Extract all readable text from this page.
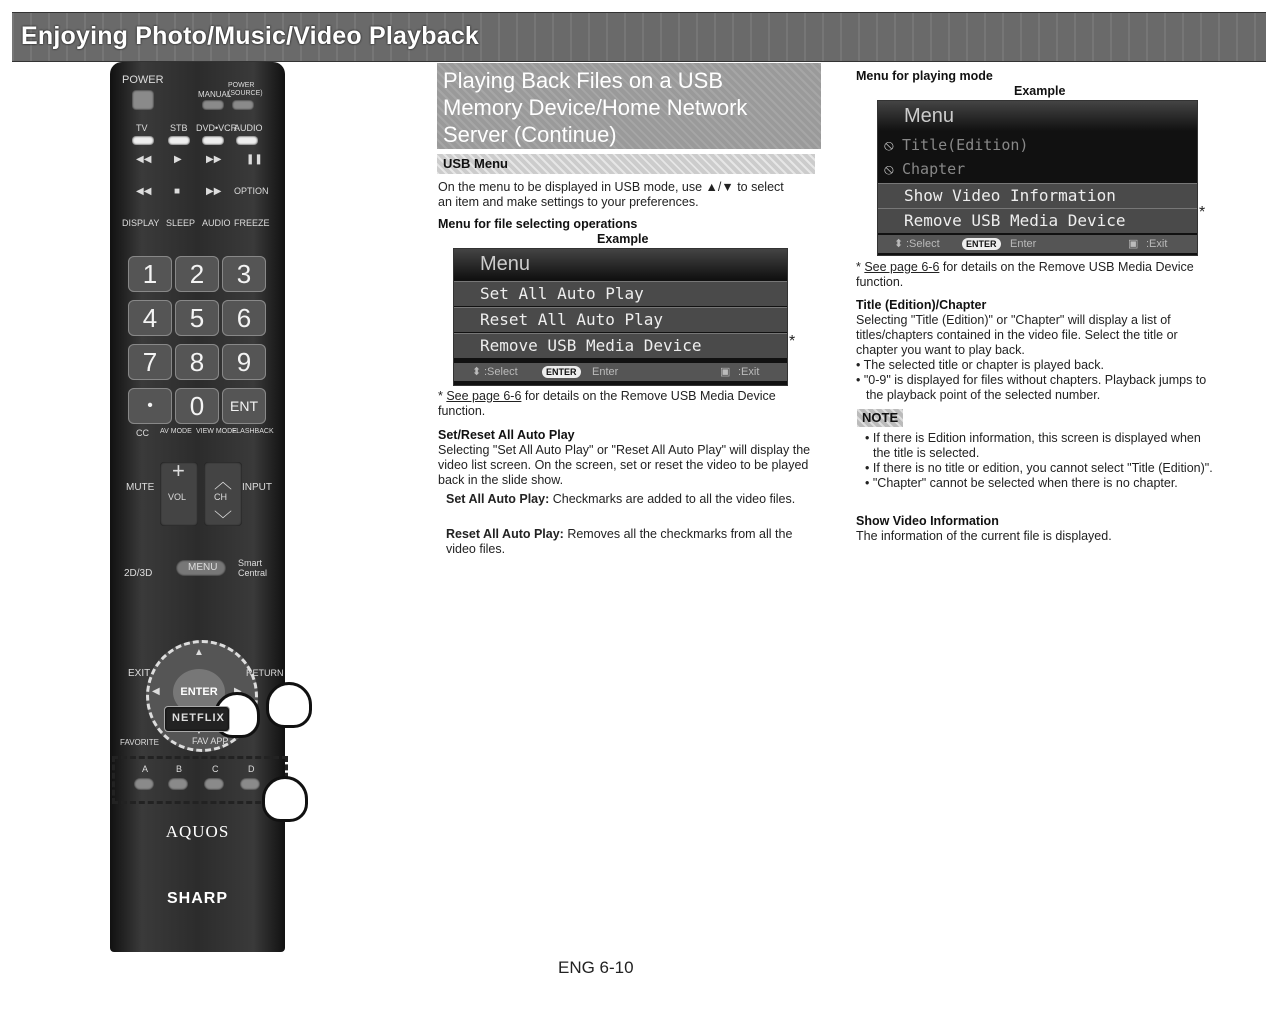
Enjoying Photo/Music/Video Playback
POWER
MANUAL
POWER (SOURCE)
TV STB DVD•VCR
AUDIO
◀◀ ▶ ▶▶ ❚❚
◀◀ ■	▶▶ OPTION
DISPLAY SLEEP AUDIO FREEZE
1	2	3
4	5	6
7	8	9
•	0	ENT
CC AV MODE VIEW MODE
FLASHBACK
MUTE
+
VOL
︿
CH
﹀
INPUT
2D/3D
MENU Smart Central
▲
◀	ENTER
EXIT	RETURN
NETFLIX
FAVORITE	FAV APP
A	B	C	D
AQUOS
SHARP
Playing Back Files on a USB Memory Device/Home Network Server (Continue)
USB Menu
On the menu to be displayed in USB mode, use ▲/▼ to select an item and make settings to your preferences.
Menu for file selecting operations
Example
Menu
Set All Auto Play
Reset All Auto Play
Remove USB Media Device
⬍ :Select	ENTER	Enter	▣ :Exit
*
* See page 6-6 for details on the Remove USB Media Device function.
Set/Reset All Auto Play
Selecting "Set All Auto Play" or "Reset All Auto Play" will display the video list screen. On the screen, set or reset the video to be played back in the slide show.
Set All Auto Play: Checkmarks are added to all the video files.
Reset All Auto Play: Removes all the checkmarks from all the video files.
Menu for playing mode
Example
Menu
⦸ Title(Edition)
⦸ Chapter
Show Video Information
Remove USB Media Device
⬍ :Select	ENTER	Enter	▣ :Exit
*
* See page 6-6 for details on the Remove USB Media Device function.
Title (Edition)/Chapter
Selecting "Title (Edition)" or "Chapter" will display a list of titles/chapters contained in the video file. Select the title or chapter you want to play back.
• The selected title or chapter is played back.
• "0-9" is displayed for files without chapters. Playback jumps to the playback point of the selected number.
NOTE
• If there is Edition information, this screen is displayed when the title is selected.
• If there is no title or edition, you cannot select "Title (Edition)".
• "Chapter" cannot be selected when there is no chapter.
Show Video Information
The information of the current file is displayed.
ENG 6-10
